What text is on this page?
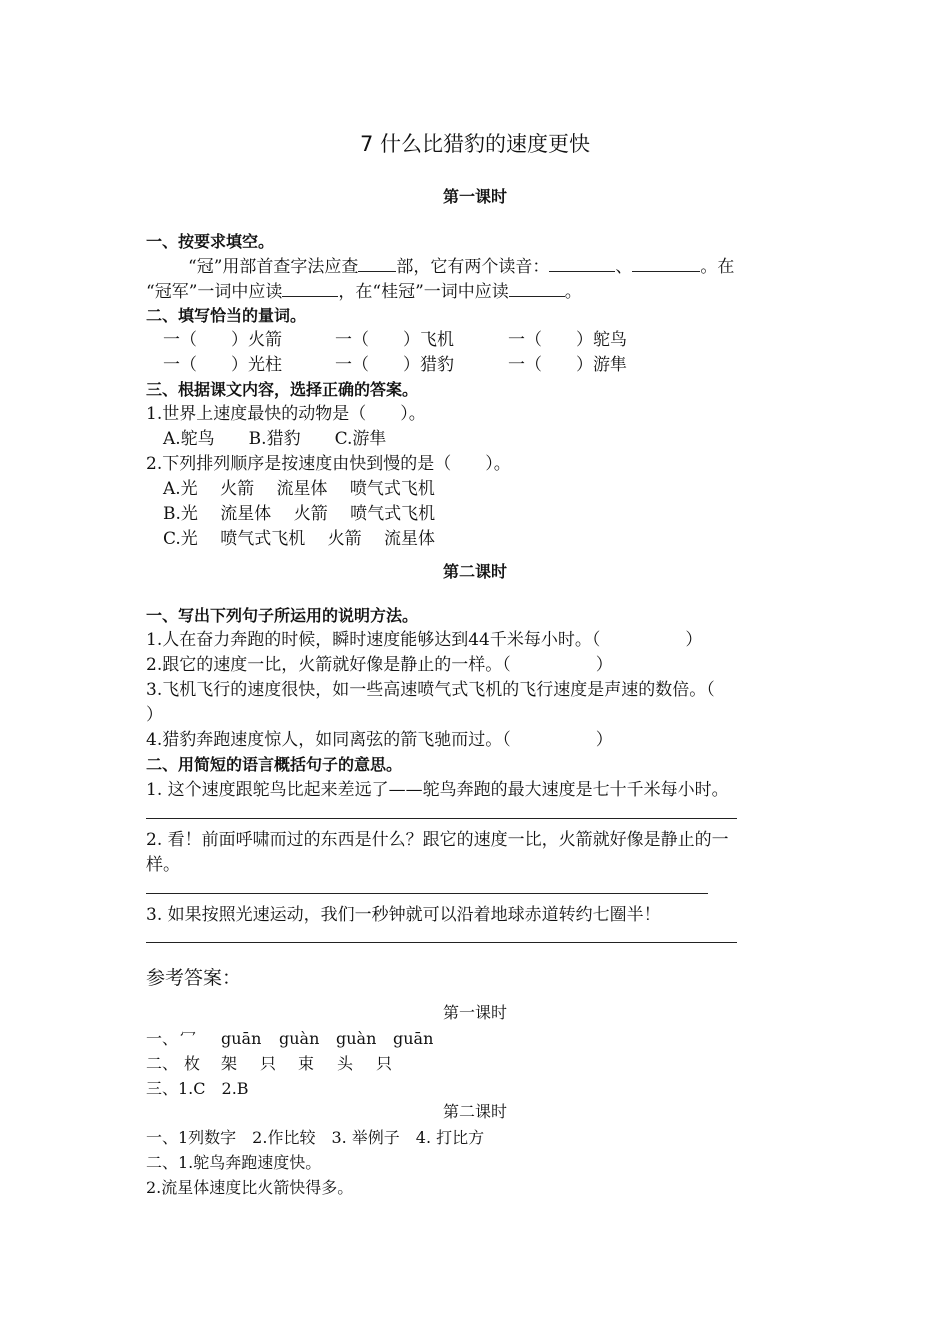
7 什么比猎豹的速度更快
第一课时
一、按要求填空。
“冠”用部首查字法应查 部，它有两个读音：	、	。在
“冠军”一词中应读	，在“桂冠”一词中应读	。
二、填写恰当的量词。
一（　　）火箭	一（　　）飞机	一（　　）鸵鸟
一（　　）光柱	一（　　）猎豹	一（　　）游隼
三、根据课文内容，选择正确的答案。
1.世界上速度最快的动物是（　　）。
A.鸵鸟　　B.猎豹　　C.游隼
2.下列排列顺序是按速度由快到慢的是（　　）。
A.光　 火箭　 流星体　 喷气式飞机
B.光　 流星体　 火箭　 喷气式飞机
C.光　 喷气式飞机　 火箭　 流星体
第二课时
一、写出下列句子所运用的说明方法。
1.人在奋力奔跑的时候，瞬时速度能够达到44千米每小时。（　　　　　）
2.跟它的速度一比，火箭就好像是静止的一样。（　　　　　）
3.飞机飞行的速度很快，如一些高速喷气式飞机的飞行速度是声速的数倍。（
）
4.猎豹奔跑速度惊人，如同离弦的箭飞驰而过。（　　　　　）
二、用简短的语言概括句子的意思。
1. 这个速度跟鸵鸟比起来差远了——鸵鸟奔跑的最大速度是七十千米每小时。
2. 看！前面呼啸而过的东西是什么？跟它的速度一比，火箭就好像是静止的一
样。
3. 如果按照光速运动，我们一秒钟就可以沿着地球赤道转约七圈半！
参考答案：
第一课时
一、 冖 guān guàn guàn guān
二、 枚 架 只 束 头 只
三、1.C　2.B
第二课时
一、1列数字　2.作比较　3. 举例子　4. 打比方
二、1.鸵鸟奔跑速度快。
2.流星体速度比火箭快得多。
